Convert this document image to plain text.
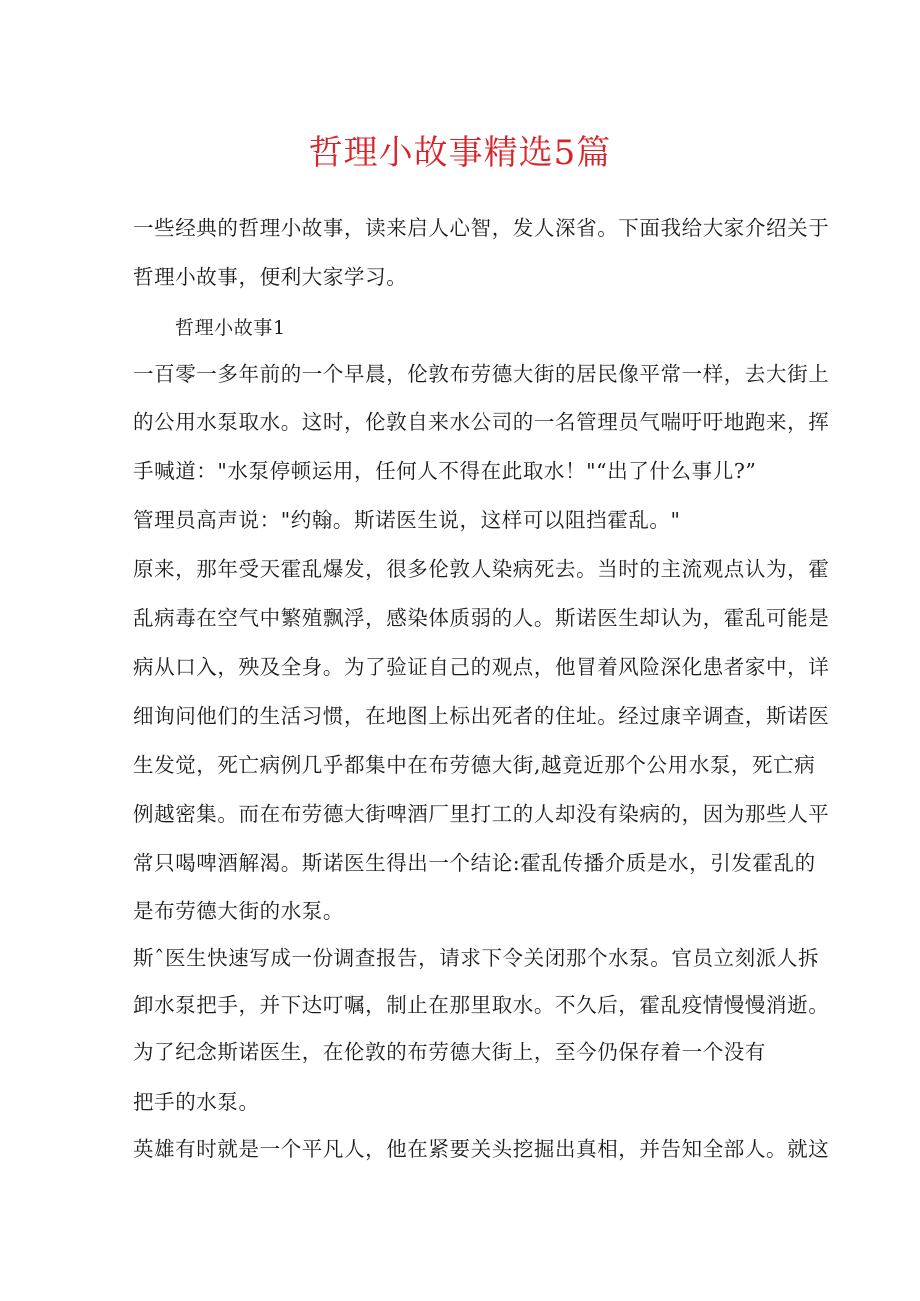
哲理小故事精选5篇
一些经典的哲理小故事，读来启人心智，发人深省。下面我给大家介绍关于
哲理小故事，便利大家学习。
哲理小故事1
一百零一多年前的一个早晨，伦敦布劳德大街的居民像平常一样，去大街上
的公用水泵取水。这时，伦敦自来水公司的一名管理员气喘吁吁地跑来，挥
手喊道："水泵停顿运用，任何人不得在此取水！"“出了什么事儿?”
管理员高声说："约翰。斯诺医生说，这样可以阻挡霍乱。"
原来，那年受天霍乱爆发，很多伦敦人染病死去。当时的主流观点认为，霍
乱病毒在空气中繁殖飘浮，感染体质弱的人。斯诺医生却认为，霍乱可能是
病从口入，殃及全身。为了验证自己的观点，他冒着风险深化患者家中，详
细询问他们的生活习惯，在地图上标出死者的住址。经过康辛调查，斯诺医
生发觉，死亡病例几乎都集中在布劳德大街,越竟近那个公用水泵，死亡病
例越密集。而在布劳德大街啤酒厂里打工的人却没有染病的，因为那些人平
常只喝啤酒解渴。斯诺医生得出一个结论:霍乱传播介质是水，引发霍乱的
是布劳德大街的水泵。
斯ˆ医生快速写成一份调查报告，请求下令关闭那个水泵。官员立刻派人拆
卸水泵把手，并下达叮嘱，制止在那里取水。不久后，霍乱疫情慢慢消逝。
为了纪念斯诺医生，在伦敦的布劳德大街上，至今仍保存着一个没有
把手的水泵。
英雄有时就是一个平凡人，他在紧要关头挖掘出真相，并告知全部人。就这
